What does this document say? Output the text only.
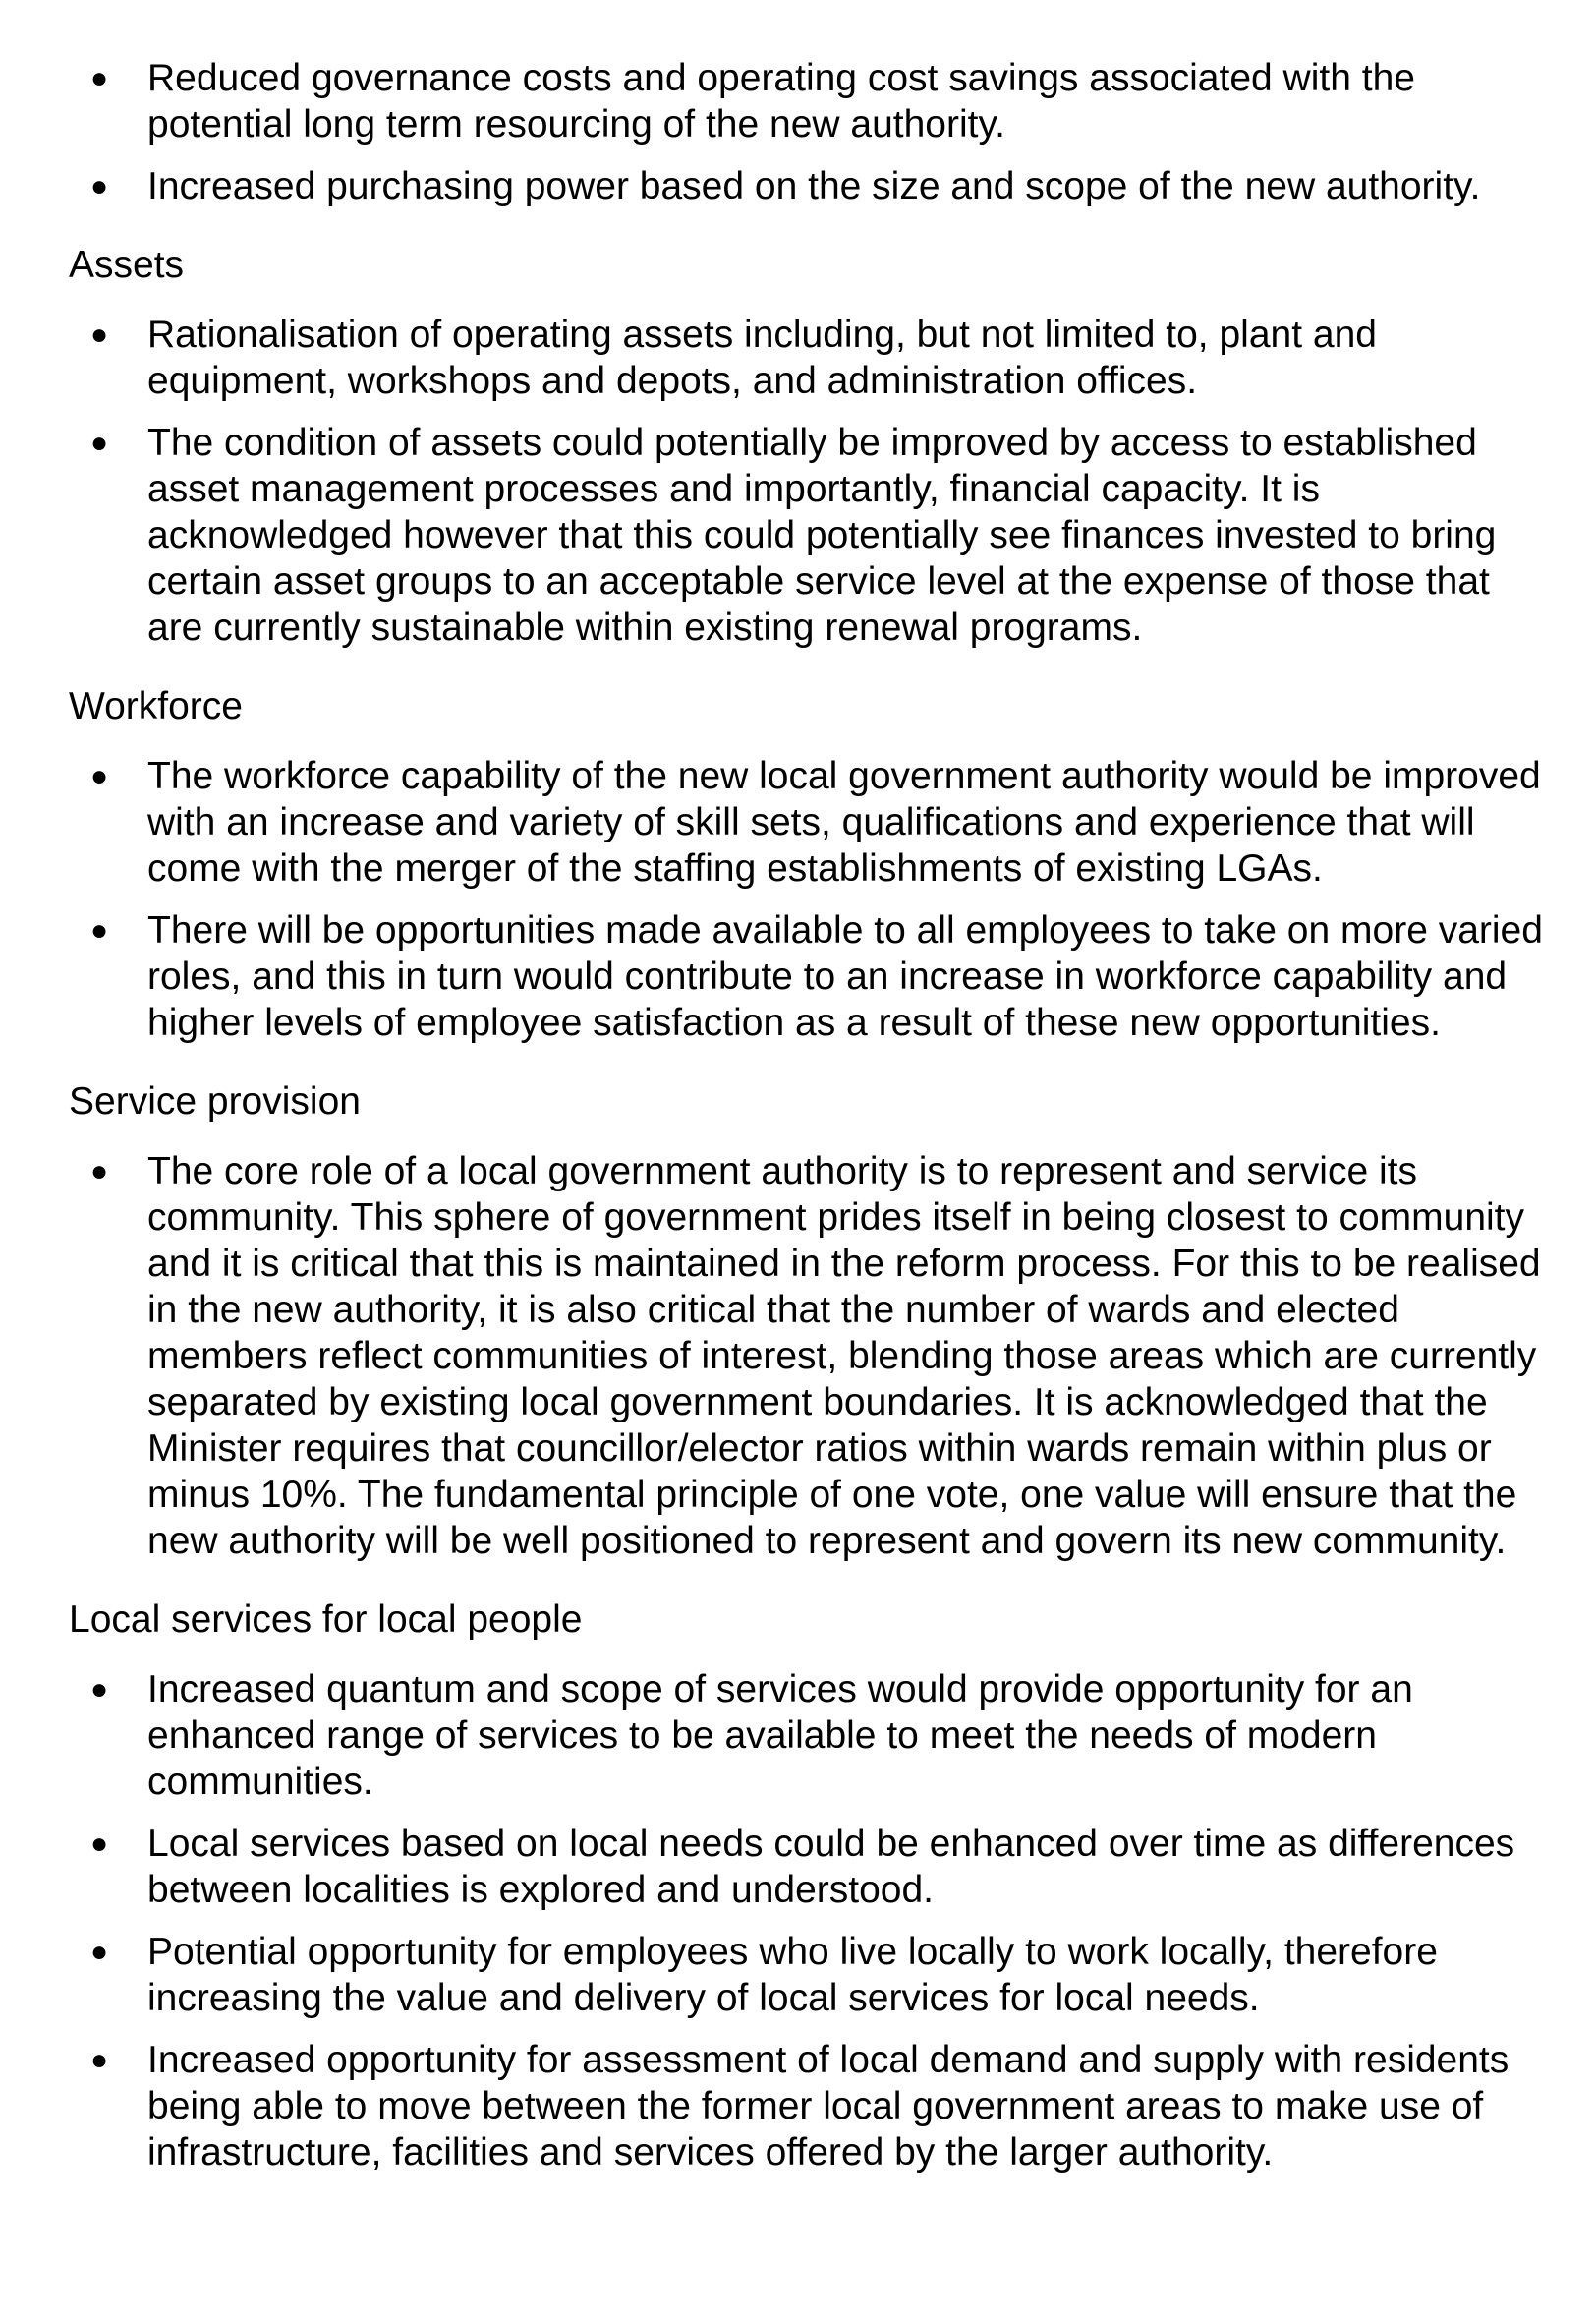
● Reduced governance costs and operating cost savings associated with the potential long term resourcing of the new authority.
● Increased purchasing power based on the size and scope of the new authority.
Assets
● Rationalisation of operating assets including, but not limited to, plant and equipment, workshops and depots, and administration offices.
● The condition of assets could potentially be improved by access to established asset management processes and importantly, financial capacity. It is acknowledged however that this could potentially see finances invested to bring certain asset groups to an acceptable service level at the expense of those that are currently sustainable within existing renewal programs.
Workforce
● The workforce capability of the new local government authority would be improved with an increase and variety of skill sets, qualifications and experience that will come with the merger of the staffing establishments of existing LGAs.
● There will be opportunities made available to all employees to take on more varied roles, and this in turn would contribute to an increase in workforce capability and higher levels of employee satisfaction as a result of these new opportunities.
Service provision
● The core role of a local government authority is to represent and service its community. This sphere of government prides itself in being closest to community and it is critical that this is maintained in the reform process. For this to be realised in the new authority, it is also critical that the number of wards and elected members reflect communities of interest, blending those areas which are currently separated by existing local government boundaries. It is acknowledged that the Minister requires that councillor/elector ratios within wards remain within plus or minus 10%. The fundamental principle of one vote, one value will ensure that the new authority will be well positioned to represent and govern its new community.
Local services for local people
● Increased quantum and scope of services would provide opportunity for an enhanced range of services to be available to meet the needs of modern communities.
● Local services based on local needs could be enhanced over time as differences between localities is explored and understood.
● Potential opportunity for employees who live locally to work locally, therefore increasing the value and delivery of local services for local needs.
● Increased opportunity for assessment of local demand and supply with residents being able to move between the former local government areas to make use of infrastructure, facilities and services offered by the larger authority.
